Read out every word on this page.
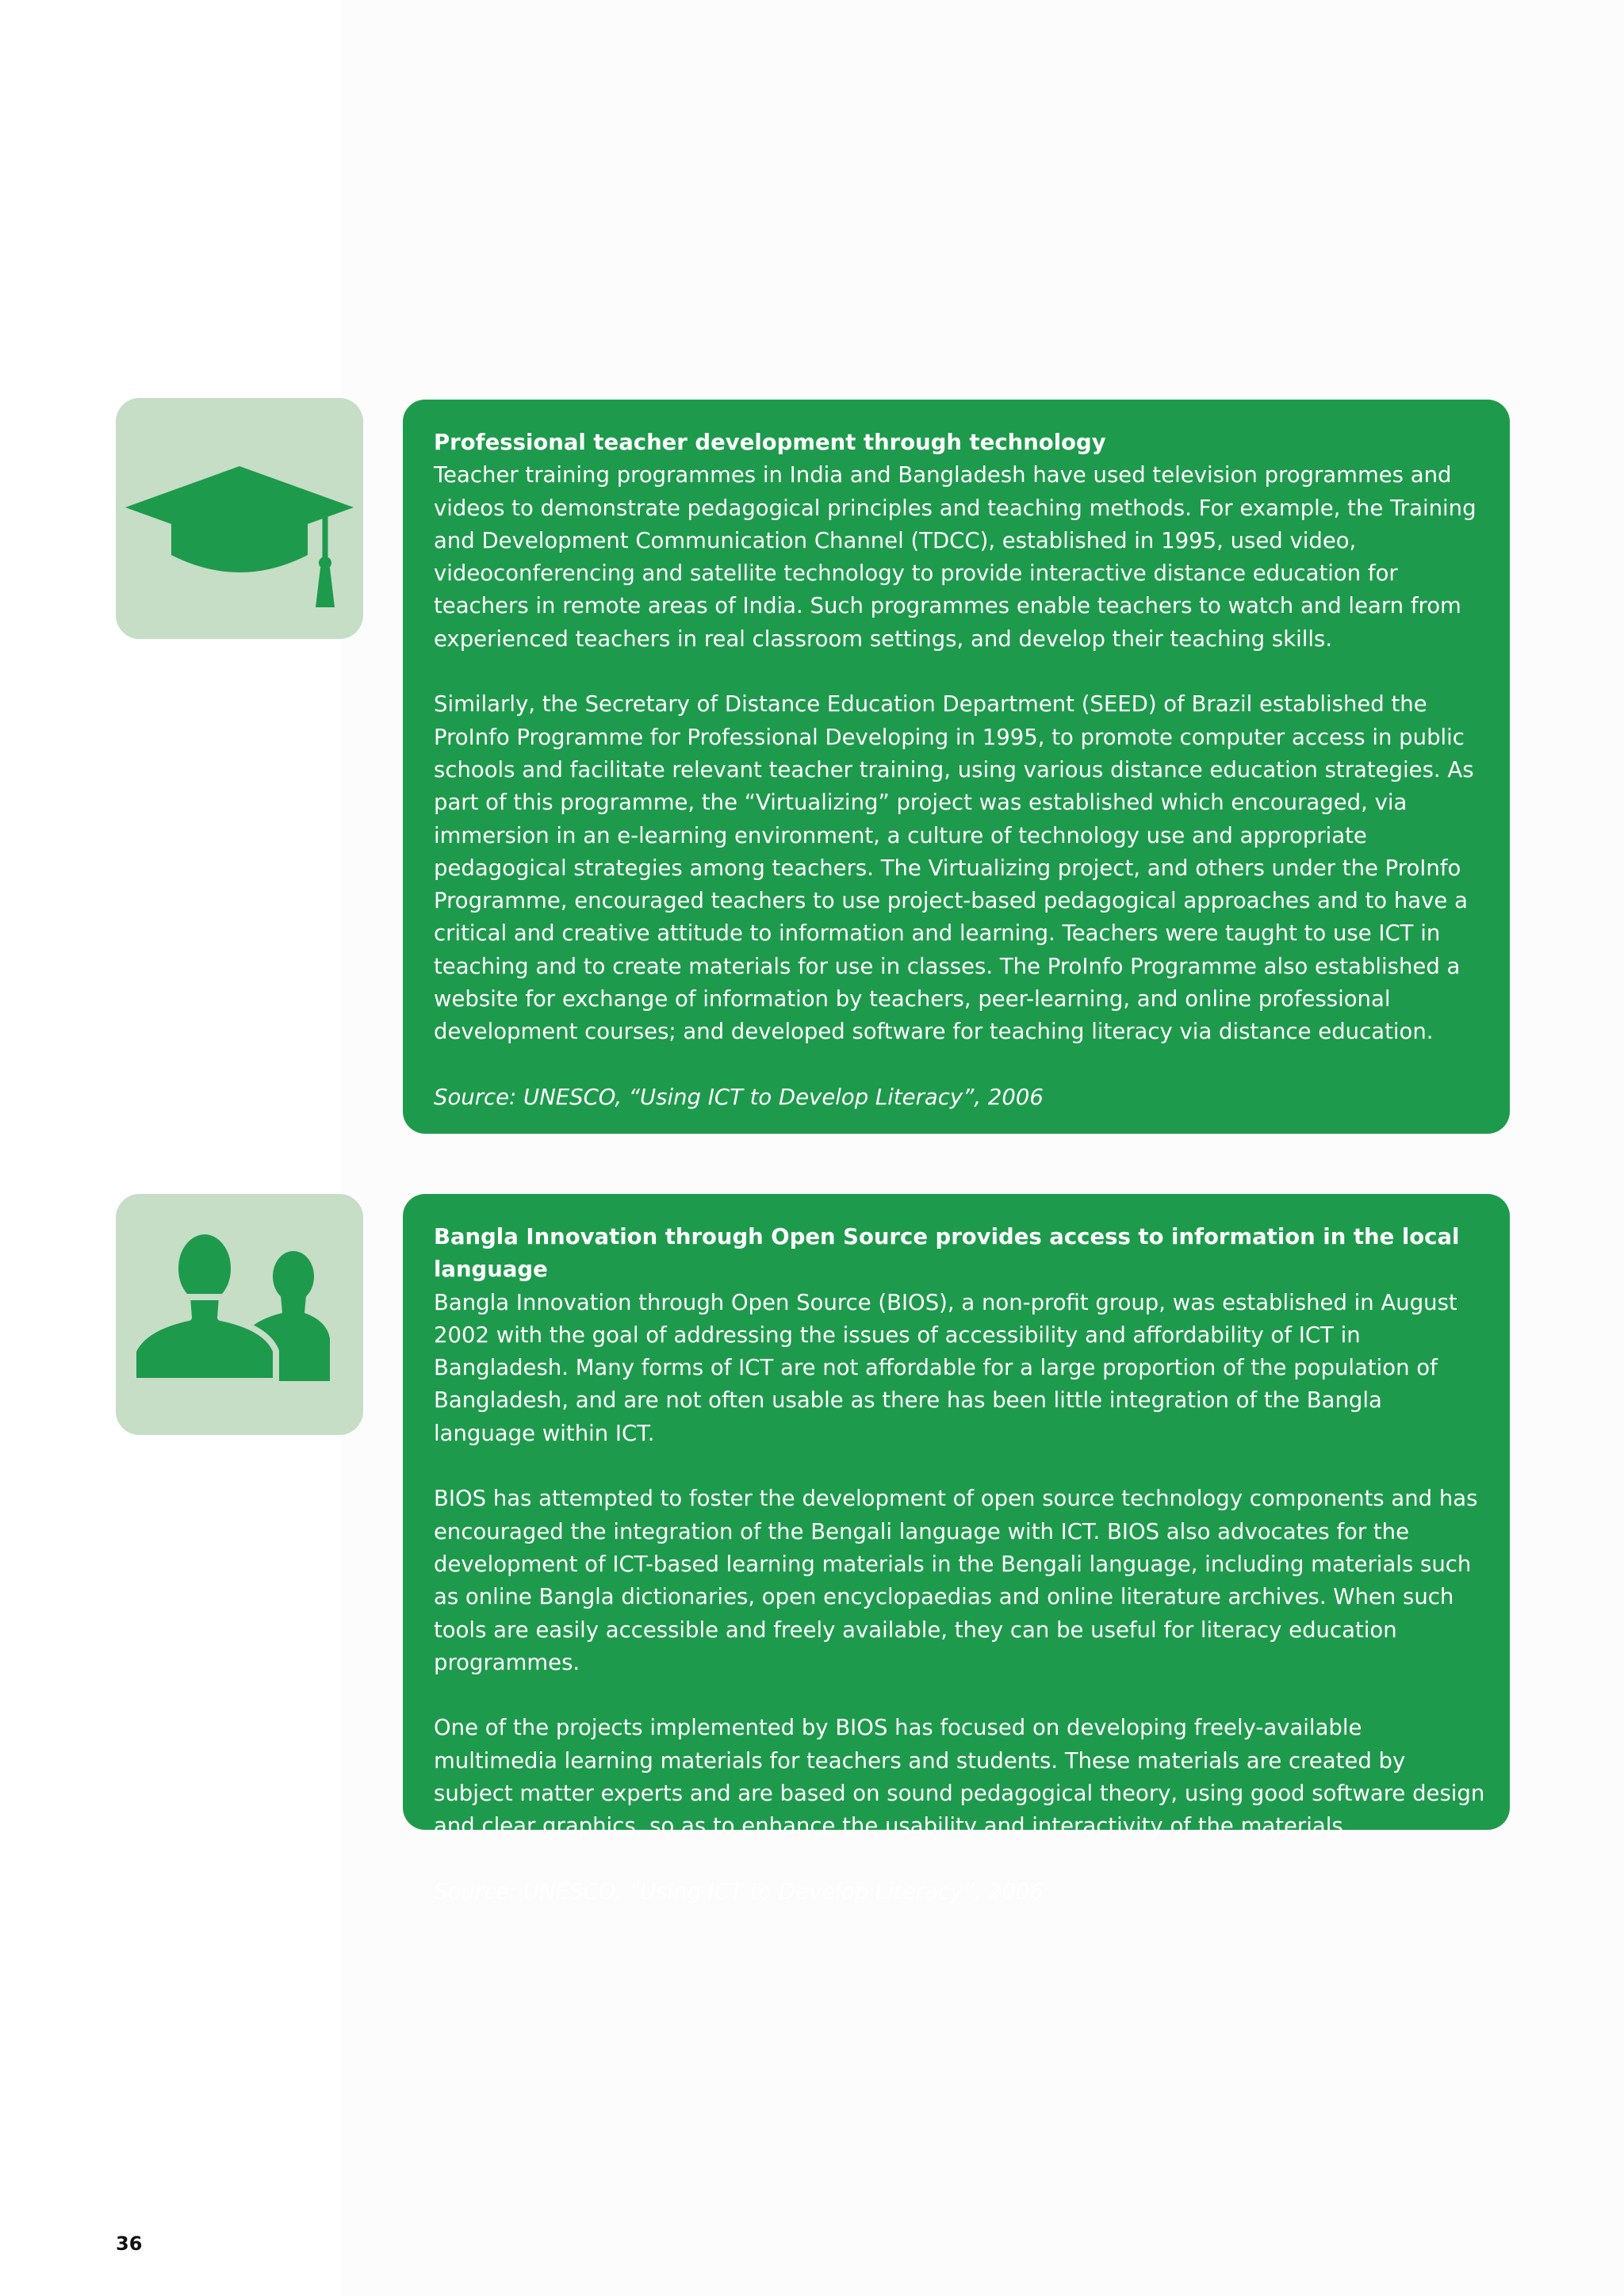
Professional teacher development through technology
Teacher training programmes in India and Bangladesh have used television programmes and videos to demonstrate pedagogical principles and teaching methods. For example, the Training and Development Communication Channel (TDCC), established in 1995, used video, videoconferencing and satellite technology to provide interactive distance education for teachers in remote areas of India. Such programmes enable teachers to watch and learn from experienced teachers in real classroom settings, and develop their teaching skills.

Similarly, the Secretary of Distance Education Department (SEED) of Brazil established the ProInfo Programme for Professional Developing in 1995, to promote computer access in public schools and facilitate relevant teacher training, using various distance education strategies. As part of this programme, the “Virtualizing” project was established which encouraged, via immersion in an e-learning environment, a culture of technology use and appropriate pedagogical strategies among teachers. The Virtualizing project, and others under the ProInfo Programme, encouraged teachers to use project-based pedagogical approaches and to have a critical and creative attitude to information and learning. Teachers were taught to use ICT in teaching and to create materials for use in classes. The ProInfo Programme also established a website for exchange of information by teachers, peer-learning, and online professional development courses; and developed software for teaching literacy via distance education.

Source: UNESCO, “Using ICT to Develop Literacy”, 2006

Bangla Innovation through Open Source provides access to information in the local language
Bangla Innovation through Open Source (BIOS), a non-profit group, was established in August 2002 with the goal of addressing the issues of accessibility and affordability of ICT in Bangladesh. Many forms of ICT are not affordable for a large proportion of the population of Bangladesh, and are not often usable as there has been little integration of the Bangla language within ICT.

BIOS has attempted to foster the development of open source technology components and has encouraged the integration of the Bengali language with ICT. BIOS also advocates for the development of ICT-based learning materials in the Bengali language, including materials such as online Bangla dictionaries, open encyclopaedias and online literature archives. When such tools are easily accessible and freely available, they can be useful for literacy education programmes.

One of the projects implemented by BIOS has focused on developing freely-available multimedia learning materials for teachers and students. These materials are created by subject matter experts and are based on sound pedagogical theory, using good software design and clear graphics, so as to enhance the usability and interactivity of the materials.

Source: UNESCO, “Using ICT to Develop Literacy”, 2006

36
